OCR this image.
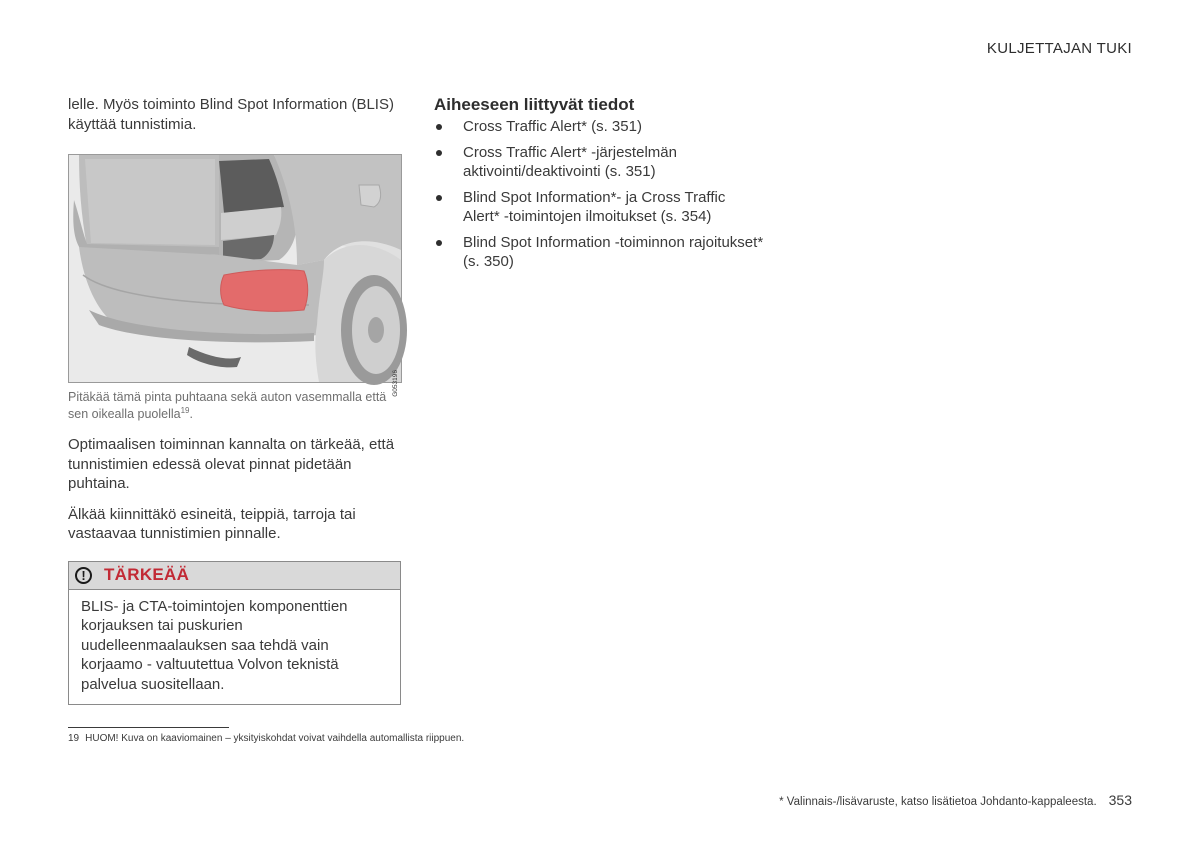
KULJETTAJAN TUKI

lelle. Myös toiminto Blind Spot Information (BLIS) käyttää tunnistimia.

G053196

Pitäkää tämä pinta puhtaana sekä auton vasemmalla että sen oikealla puolella$^{19}$.

Optimaalisen toiminnan kannalta on tärkeää, että tunnistimien edessä olevat pinnat pidetään puhtaina.

Älkää kiinnittäkö esineitä, teippiä, tarroja tai vastaavaa tunnistimien pinnalle.

!	TÄRKEÄÄ
BLIS- ja CTA-toimintojen komponenttien korjauksen tai puskurien uudelleenmaalauksen saa tehdä vain korjaamo - valtuutettua Volvon teknistä palvelua suositellaan.
Aiheeseen liittyvät tiedot
Cross Traffic Alert* (s. 351)
Cross Traffic Alert* -järjestelmän aktivointi/deaktivointi (s. 351)
Blind Spot Information*- ja Cross Traffic Alert* -toimintojen ilmoitukset (s. 354)
Blind Spot Information -toiminnon rajoitukset* (s. 350)
19 HUOM! Kuva on kaaviomainen – yksityiskohdat voivat vaihdella automallista riippuen.
* Valinnais-/lisävaruste, katso lisätietoa Johdanto-kappaleesta. 353
